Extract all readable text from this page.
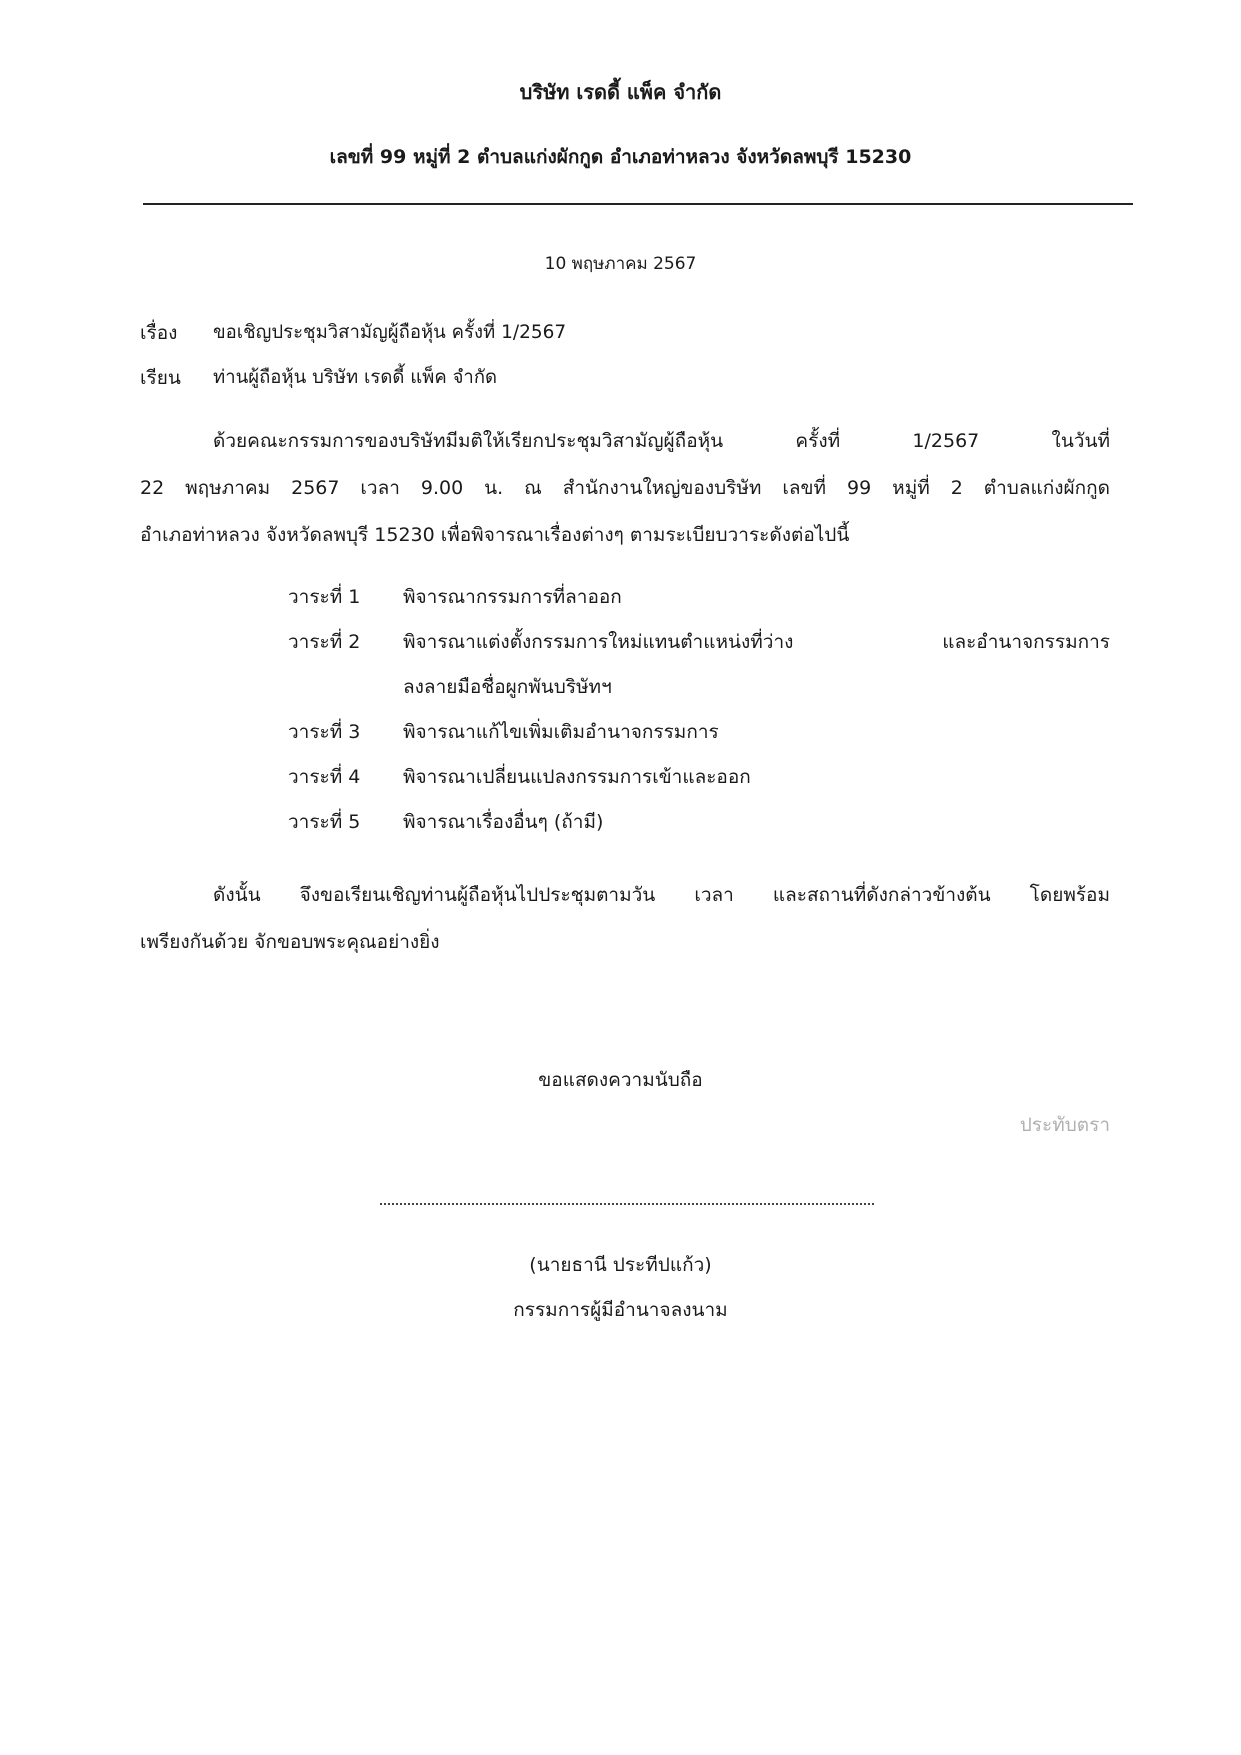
บริษัท เรดดี้ แพ็ค จำกัด
เลขที่ 99 หมู่ที่ 2 ตำบลแก่งผักกูด อำเภอท่าหลวง จังหวัดลพบุรี 15230
10 พฤษภาคม 2567
เรื่อง ขอเชิญประชุมวิสามัญผู้ถือหุ้น ครั้งที่ 1/2567
เรียน ท่านผู้ถือหุ้น บริษัท เรดดี้ แพ็ค จำกัด
ด้วยคณะกรรมการของบริษัทมีมติให้เรียกประชุมวิสามัญผู้ถือหุ้น ครั้งที่ 1/2567 ในวันที่
22 พฤษภาคม 2567 เวลา 9.00 น. ณ สำนักงานใหญ่ของบริษัท เลขที่ 99 หมู่ที่ 2 ตำบลแก่งผักกูด
อำเภอท่าหลวง จังหวัดลพบุรี 15230 เพื่อพิจารณาเรื่องต่างๆ ตามระเบียบวาระดังต่อไปนี้
วาระที่ 1 พิจารณากรรมการที่ลาออก
วาระที่ 2 พิจารณาแต่งตั้งกรรมการใหม่แทนตำแหน่งที่ว่าง และอำนาจกรรมการ
ลงลายมือชื่อผูกพันบริษัทฯ
วาระที่ 3 พิจารณาแก้ไขเพิ่มเติมอำนาจกรรมการ
วาระที่ 4 พิจารณาเปลี่ยนแปลงกรรมการเข้าและออก
วาระที่ 5 พิจารณาเรื่องอื่นๆ (ถ้ามี)
ดังนั้น จึงขอเรียนเชิญท่านผู้ถือหุ้นไปประชุมตามวัน เวลา และสถานที่ดังกล่าวข้างต้น โดยพร้อม
เพรียงกันด้วย จักขอบพระคุณอย่างยิ่ง
ขอแสดงความนับถือ
ประทับตรา
(นายธานี ประทีปแก้ว)
กรรมการผู้มีอำนาจลงนาม
